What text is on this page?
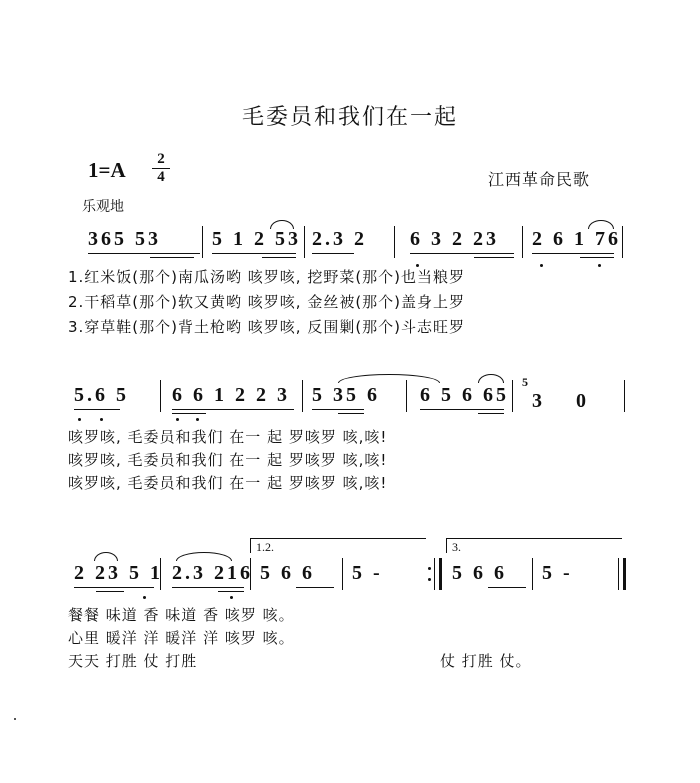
毛委员和我们在一起
1=A	2
4	江西革命民歌
乐观地
365 53	5 1 2 53 2.3 2 6 3 2 23 2 6 1 76
1.红米饭(那个)南瓜汤哟 咳罗咳, 挖野菜(那个)也当粮罗
2.干稻草(那个)软又黄哟 咳罗咳, 金丝被(那个)盖身上罗
3.穿草鞋(那个)背土枪哟 咳罗咳, 反围剿(那个)斗志旺罗
5.6 5 6 6 1 2 2 3 5 35 6 6 5 6 65
5
3 0
咳罗咳, 毛委员和我们 在一 起 罗咳罗 咳,咳!
咳罗咳, 毛委员和我们 在一 起 罗咳罗 咳,咳!
咳罗咳, 毛委员和我们 在一 起 罗咳罗 咳,咳!
1.2.	3.
2 23 5 1 2.3 216 5 6 6 5 -	5 6 6 5 -
餐餐 味道 香 味道 香 咳罗 咳。
心里 暖洋 洋 暖洋 洋 咳罗 咳。
天天 打胜 仗 打胜	仗 打胜 仗。
